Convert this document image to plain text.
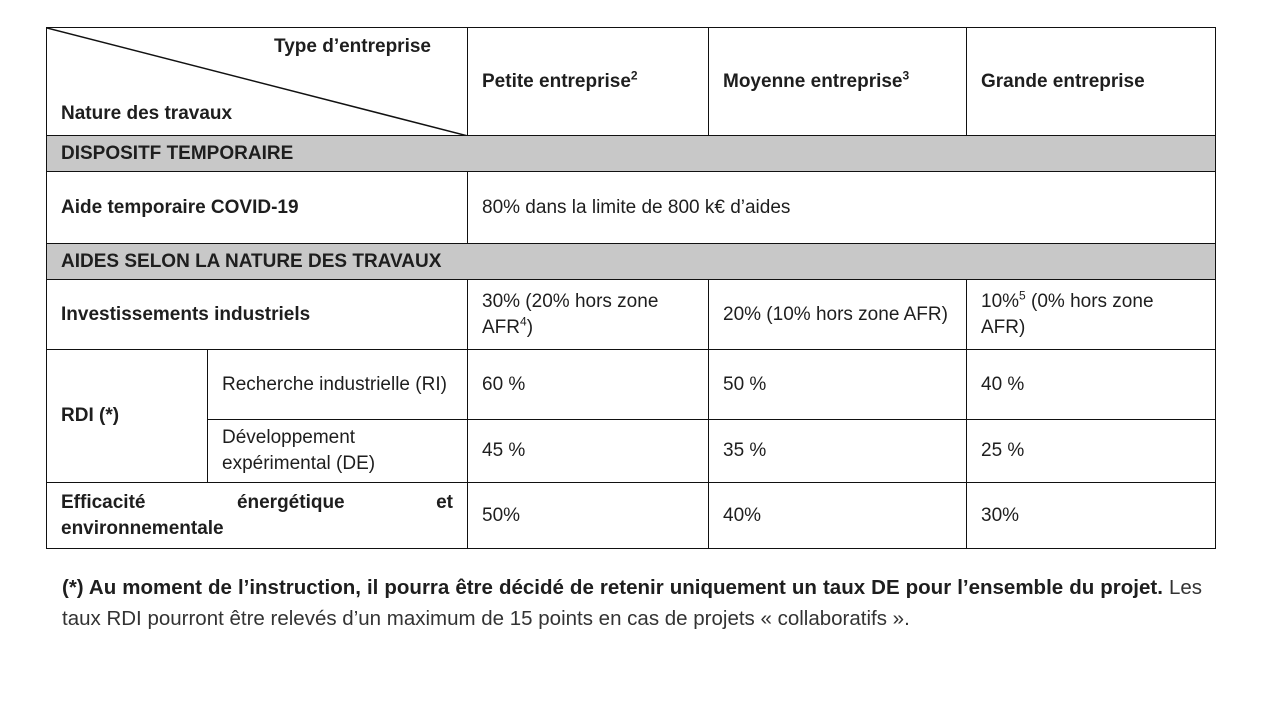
Type d’entreprise
Nature des travaux		Petite entreprise$^2$	Moyenne entreprise$^3$	Grande entreprise
DISPOSITF TEMPORAIRE				
Aide temporaire COVID-19		80% dans la limite de 800 k€ d’aides		
AIDES SELON LA NATURE DES TRAVAUX				
Investissements industriels		30% (20% hors zone AFR$^4$)	20% (10% hors zone AFR)	10%$^5$ (0% hors zone AFR)
RDI (*)	Recherche industrielle (RI)	60 %	50 %	40 %
	Développement expérimental (DE)	45 %	35 %	25 %

Efficacité énergétique et
environnementale		50%	40%	30%
(*) Au moment de l’instruction, il pourra être décidé de retenir uniquement un taux DE pour l’ensemble du projet. Les taux RDI pourront être relevés d’un maximum de 15 points en cas de projets « collaboratifs ».
